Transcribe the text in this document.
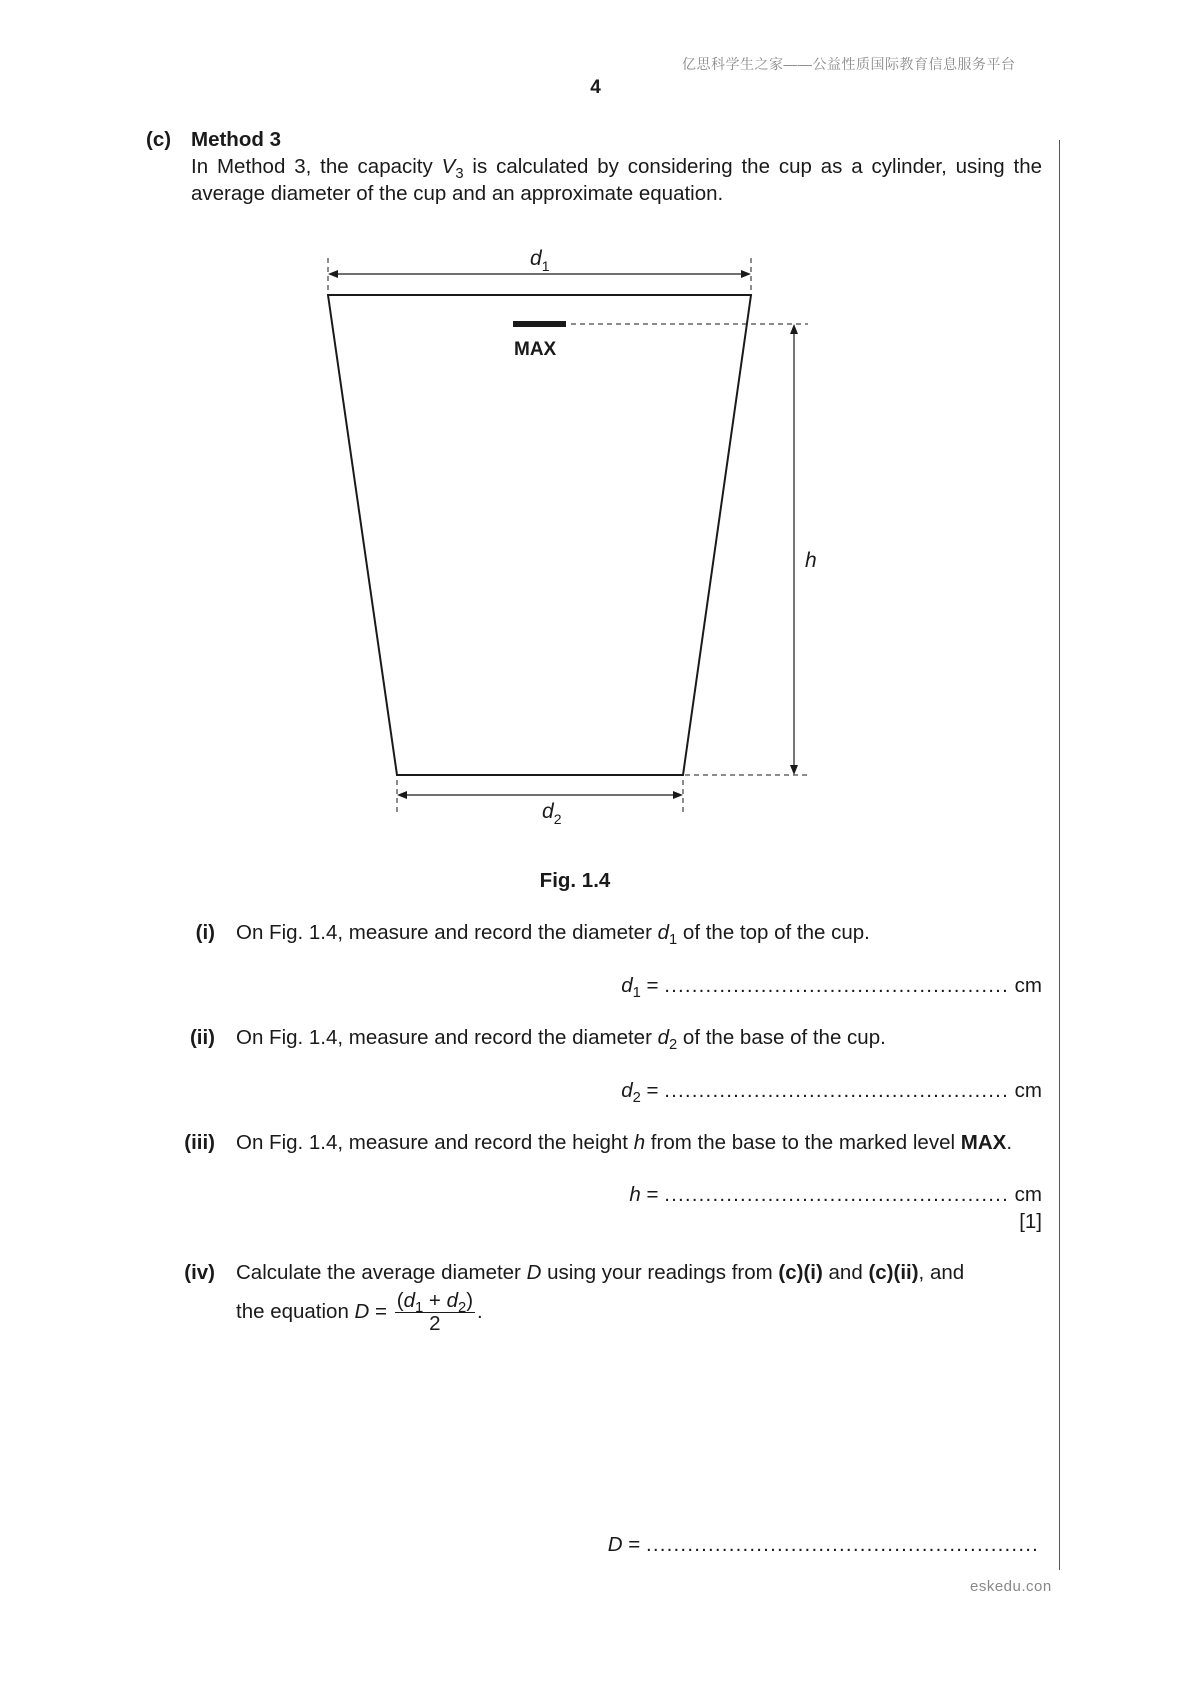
亿思科学生之家——公益性质国际教育信息服务平台
4
(c) Method 3
In Method 3, the capacity $V_3$ is calculated by considering the cup as a cylinder, using the average diameter of the cup and an approximate equation.
$d_1$
MAX
h
$d_2$
Fig. 1.4
(i) On Fig. 1.4, measure and record the diameter $d_1$ of the top of the cup.
$d_1$ = .................................................. cm
(ii) On Fig. 1.4, measure and record the diameter $d_2$ of the base of the cup.
$d_2$ = .................................................. cm
(iii) On Fig. 1.4, measure and record the height h from the base to the marked level MAX.
h = .................................................. cm
[1]
(iv) Calculate the average diameter D using your readings from (c)(i) and (c)(ii), and
the equation $D = \frac{(d_1 + d_2)}{2}$ .
D = .........................................................
eskedu.con
